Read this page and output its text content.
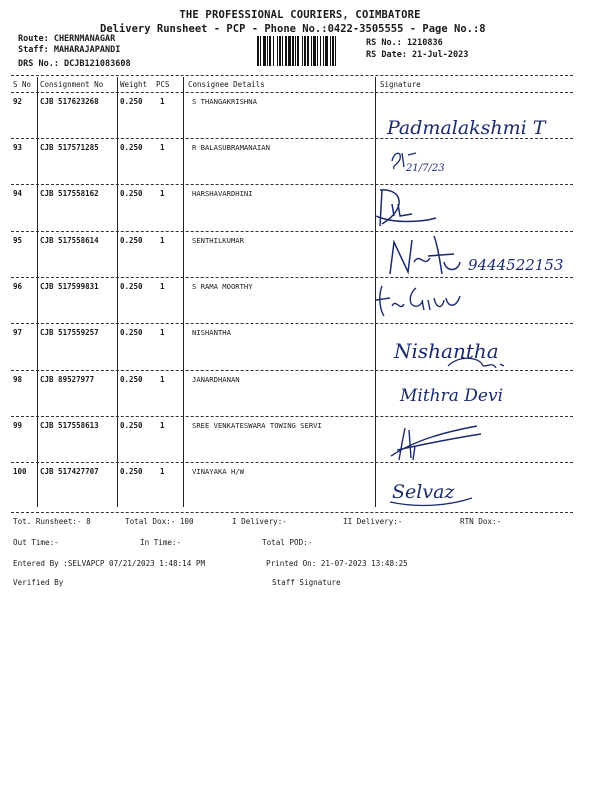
THE PROFESSIONAL COURIERS, COIMBATORE
Delivery Runsheet - PCP - Phone No.:0422-3505555 - Page No.:8
Route: CHERNMANAGAR
Staff: MAHARAJAPANDI
DRS No.: DCJB121083608
RS No.: 1210836
RS Date: 21-Jul-2023
S No Consignment No Weight PCS Consignee Details	Signature
92 CJB 517623268	0.250 1	S THANGAKRISHNA
93 CJB 517571285	0.250 1	R BALASUBRAMANAIAN
94 CJB 517558162	0.250 1	HARSHAVARDHINI
95 CJB 517558614	0.250 1	SENTHILKUMAR
96 CJB 517599831	0.250 1	S RAMA MOORTHY
97 CJB 517559257	0.250 1	NISHANTHA
98 CJB 89527977	0.250 1	JANARDHANAN
99 CJB 517558613	0.250 1	SREE VENKATESWARA TOWING SERVI
100 CJB 517427707	0.250 1	VINAYAKA H/W
Padmalakshmi T
21/7/23
9444522153
Nishantha
Mithra Devi
Selvaz
Tot. Runsheet:- 8	Total Dox:- 100	I Delivery:-	II Delivery:-	RTN Dox:-
Out Time:-	In Time:-	Total POD:-
Entered By :SELVAPCP 07/21/2023 1:48:14 PM	Printed On: 21-07-2023 13:48:25
Verified By	Staff Signature
